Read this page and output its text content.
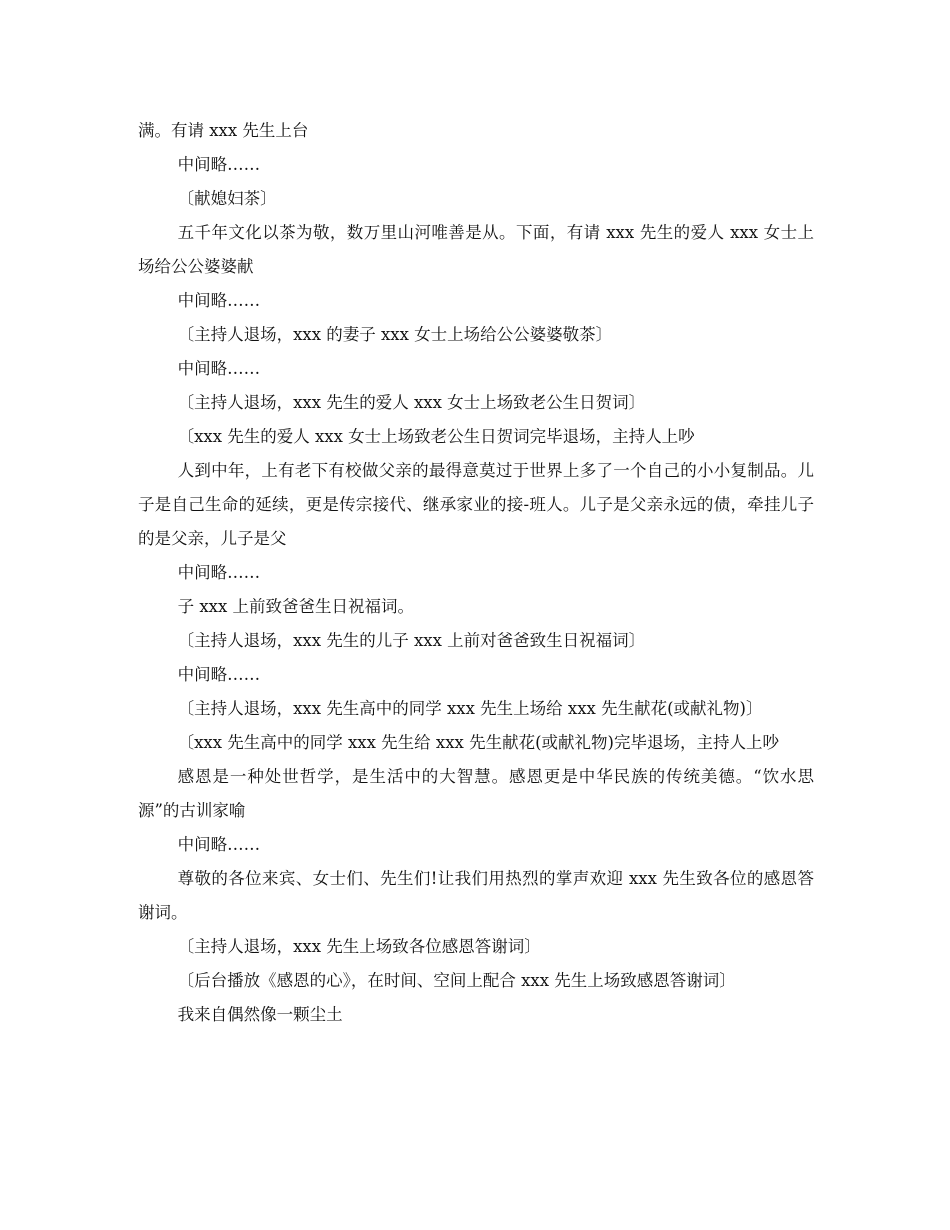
满。有请 xxx 先生上台

中间略……

〔献媳妇茶〕

五千年文化以茶为敬，数万里山河唯善是从。下面，有请 xxx 先生的爱人 xxx 女士上场给公公婆婆献

中间略……

〔主持人退场，xxx 的妻子 xxx 女士上场给公公婆婆敬茶〕

中间略……

〔主持人退场，xxx 先生的爱人 xxx 女士上场致老公生日贺词〕

〔xxx 先生的爱人 xxx 女士上场致老公生日贺词完毕退场，主持人上吵

人到中年，上有老下有校做父亲的最得意莫过于世界上多了一个自己的小小复制品。儿子是自己生命的延续，更是传宗接代、继承家业的接-班人。儿子是父亲永远的债，牵挂儿子的是父亲，儿子是父

中间略……

子 xxx 上前致爸爸生日祝福词。

〔主持人退场，xxx 先生的儿子 xxx 上前对爸爸致生日祝福词〕

中间略……

〔主持人退场，xxx 先生高中的同学 xxx 先生上场给 xxx 先生献花(或献礼物)〕

〔xxx 先生高中的同学 xxx 先生给 xxx 先生献花(或献礼物)完毕退场，主持人上吵

感恩是一种处世哲学，是生活中的大智慧。感恩更是中华民族的传统美德。“饮水思源”的古训家喻

中间略……

尊敬的各位来宾、女士们、先生们!让我们用热烈的掌声欢迎 xxx 先生致各位的感恩答谢词。

〔主持人退场，xxx 先生上场致各位感恩答谢词〕

〔后台播放《感恩的心》，在时间、空间上配合 xxx 先生上场致感恩答谢词〕

我来自偶然像一颗尘土
